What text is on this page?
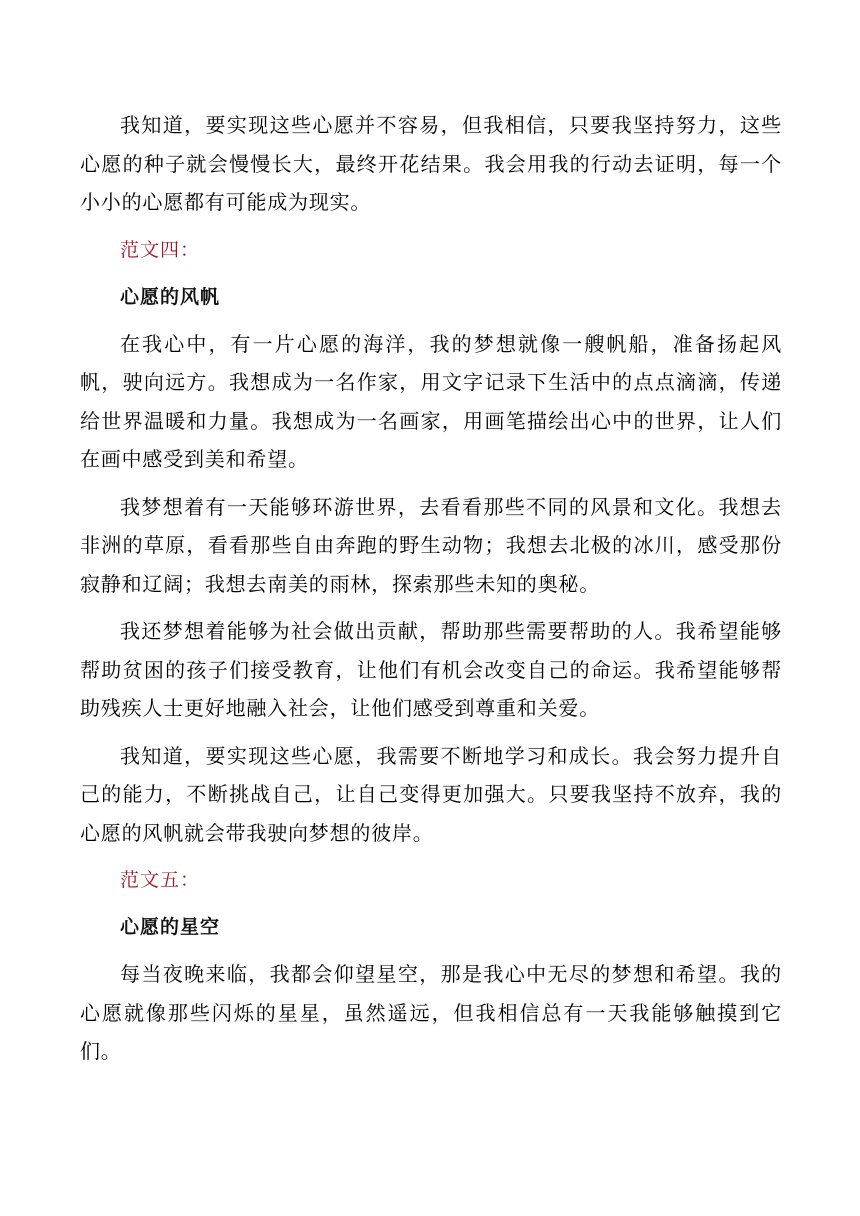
我知道，要实现这些心愿并不容易，但我相信，只要我坚持努力，这些心愿的种子就会慢慢长大，最终开花结果。我会用我的行动去证明，每一个小小的心愿都有可能成为现实。

范文四：
心愿的风帆

在我心中，有一片心愿的海洋，我的梦想就像一艘帆船，准备扬起风帆，驶向远方。我想成为一名作家，用文字记录下生活中的点点滴滴，传递给世界温暖和力量。我想成为一名画家，用画笔描绘出心中的世界，让人们在画中感受到美和希望。

我梦想着有一天能够环游世界，去看看那些不同的风景和文化。我想去非洲的草原，看看那些自由奔跑的野生动物；我想去北极的冰川，感受那份寂静和辽阔；我想去南美的雨林，探索那些未知的奥秘。

我还梦想着能够为社会做出贡献，帮助那些需要帮助的人。我希望能够帮助贫困的孩子们接受教育，让他们有机会改变自己的命运。我希望能够帮助残疾人士更好地融入社会，让他们感受到尊重和关爱。

我知道，要实现这些心愿，我需要不断地学习和成长。我会努力提升自己的能力，不断挑战自己，让自己变得更加强大。只要我坚持不放弃，我的心愿的风帆就会带我驶向梦想的彼岸。

范文五：
心愿的星空

每当夜晚来临，我都会仰望星空，那是我心中无尽的梦想和希望。我的心愿就像那些闪烁的星星，虽然遥远，但我相信总有一天我能够触摸到它们。
